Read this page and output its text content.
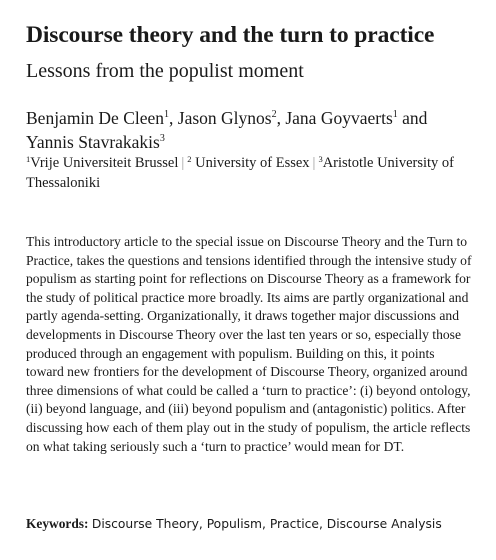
Discourse theory and the turn to practice
Lessons from the populist moment
Benjamin De Cleen$^1$, Jason Glynos$^2$, Jana Goyvaerts$^1$ and
Yannis Stavrakakis$^3$
$^1$Vrije Universiteit Brussel | $^2$ University of Essex | $^3$Aristotle University of Thessaloniki
This introductory article to the special issue on Discourse Theory and the Turn to Practice, takes the questions and tensions identified through the intensive study of populism as starting point for reflections on Discourse Theory as a framework for the study of political practice more broadly. Its aims are partly organizational and partly agenda-setting. Organizationally, it draws together major discussions and developments in Discourse Theory over the last ten years or so, especially those produced through an engagement with populism. Building on this, it points toward new frontiers for the development of Discourse Theory, organized around three dimensions of what could be called a ‘turn to practice’: (i) beyond ontology, (ii) beyond language, and (iii) beyond populism and (antagonistic) politics. After discussing how each of them play out in the study of populism, the article reflects on what taking seriously such a ‘turn to practice’ would mean for DT.
Keywords: Discourse Theory, Populism, Practice, Discourse Analysis
